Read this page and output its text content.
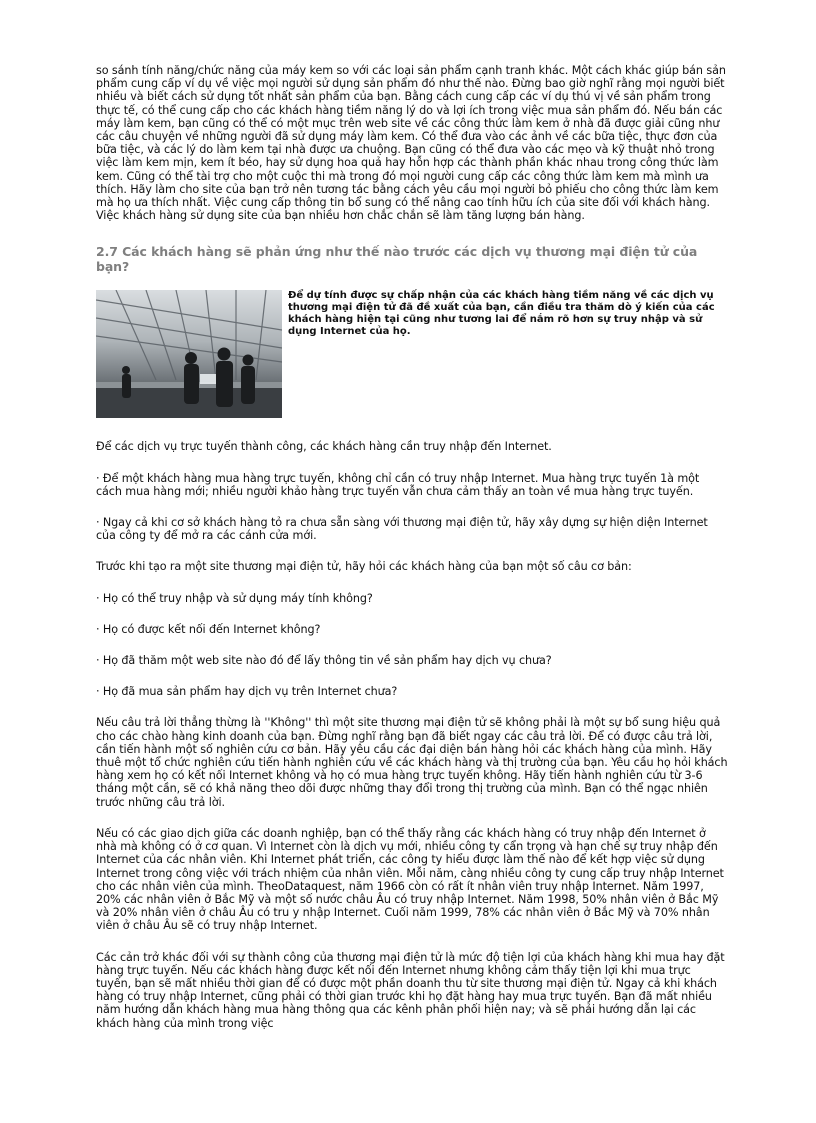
so sánh tính năng/chức năng của máy kem so với các loại sản phẩm cạnh tranh khác. Một cách khác giúp bán sản phẩm cung cấp ví dụ về việc mọi người sử dụng sản phẩm đó như thế nào. Đừng bao giờ nghĩ rằng mọi người biết nhiều và biết cách sử dụng tốt nhất sản phẩm của bạn. Bằng cách cung cấp các ví dụ thú vị về sản phẩm trong thực tế, có thể cung cấp cho các khách hàng tiềm năng lý do và lợi ích trong việc mua sản phẩm đó. Nếu bán các máy làm kem, bạn cũng có thể có một mục trên web site về các công thức làm kem ở nhà đã được giải cũng như các câu chuyện về những người đã sử dụng máy làm kem. Có thể đưa vào các ảnh về các bữa tiệc, thực đơn của bữa tiệc, và các lý do làm kem tại nhà được ưa chuộng. Bạn cũng có thể đưa vào các mẹo và kỹ thuật nhỏ trong việc làm kem mịn, kem ít béo, hay sử dụng hoa quả hay hỗn hợp các thành phần khác nhau trong công thức làm kem. Cũng có thể tài trợ cho một cuộc thi mà trong đó mọi người cung cấp các công thức làm kem mà mình ưa thích. Hãy làm cho site của bạn trở nên tương tác bằng cách yêu cầu mọi người bỏ phiếu cho công thức làm kem mà họ ưa thích nhất. Việc cung cấp thông tin bổ sung có thể nâng cao tính hữu ích của site đối với khách hàng. Việc khách hàng sử dụng site của bạn nhiều hơn chắc chắn sẽ làm tăng lượng bán hàng.

2.7 Các khách hàng sẽ phản ứng như thế nào trước các dịch vụ thương mại điện tử của bạn?

Để dự tính được sự chấp nhận của các khách hàng tiềm năng về các dịch vụ thương mại điện tử đã đề xuất của bạn, cần điều tra thăm dò ý kiến của các khách hàng hiện tại cũng như tương lai để nắm rõ hơn sự truy nhập và sử dụng Internet của họ.

Để các dịch vụ trực tuyến thành công, các khách hàng cần truy nhập đến Internet.

· Để một khách hàng mua hàng trực tuyến, không chỉ cần có truy nhập Internet. Mua hàng trực tuyến 1à một cách mua hàng mới; nhiều người khảo hàng trực tuyến vẫn chưa cảm thấy an toàn về mua hàng trực tuyến.

· Ngay cả khi cơ sở khách hàng tỏ ra chưa sẵn sàng với thương mại điện tử, hãy xây dựng sự hiện diện Internet của công ty để mở ra các cánh cửa mới.

Trước khi tạo ra một site thương mại điện tử, hãy hỏi các khách hàng của bạn một số câu cơ bản:

· Họ có thể truy nhập và sử dụng máy tính không?

· Họ có được kết nối đến Internet không?

· Họ đã thăm một web site nào đó để lấy thông tin về sản phẩm hay dịch vụ chưa?

· Họ đã mua sản phẩm hay dịch vụ trên Internet chưa?

Nếu câu trả lời thẳng thừng là ''Không'' thì một site thương mại điện tử sẽ không phải là một sự bổ sung hiệu quả cho các chào hàng kinh doanh của bạn. Đừng nghĩ rằng bạn đã biết ngay các câu trả lời. Để có được câu trả lời, cần tiến hành một số nghiên cứu cơ bản. Hãy yêu cầu các đại diện bán hàng hỏi các khách hàng của mình. Hãy thuê một tổ chức nghiên cứu tiến hành nghiên cứu về các khách hàng và thị trường của bạn. Yêu cầu họ hỏi khách hàng xem họ có kết nối Internet không và họ có mua hàng trực tuyến không. Hãy tiến hành nghiên cứu từ 3-6 tháng một cần, sẽ có khả năng theo dõi được những thay đổi trong thị trường của mình. Bạn có thể ngạc nhiên trước những câu trả lời.

Nếu có các giao dịch giữa các doanh nghiệp, bạn có thể thấy rằng các khách hàng có truy nhập đến Internet ở nhà mà không có ở cơ quan. Vì Internet còn là dịch vụ mới, nhiều công ty cẩn trọng và hạn chế sự truy nhập đến Internet của các nhân viên. Khi Internet phát triển, các công ty hiểu được làm thế nào để kết hợp việc sử dụng Internet trong công việc với trách nhiệm của nhân viên. Mỗi năm, càng nhiều công ty cung cấp truy nhập Internet cho các nhân viên của mình. TheoDataquest, năm 1966 còn có rất ít nhân viên truy nhập Internet. Năm 1997, 20% các nhân viên ở Bắc Mỹ và một số nước châu Âu có truy nhập Internet. Năm 1998, 50% nhân viên ở Bắc Mỹ và 20% nhân viên ở châu Âu có tru y nhập Internet. Cuối năm 1999, 78% các nhân viên ở Bắc Mỹ và 70% nhân viên ở châu Âu sẽ có truy nhập Internet.

Các cản trở khác đối với sự thành công của thương mại điện tử là mức độ tiện lợi của khách hàng khi mua hay đặt hàng trực tuyến. Nếu các khách hàng được kết nối đến Internet nhưng không cảm thấy tiện lợi khi mua trực tuyến, bạn sẽ mất nhiều thời gian để có được một phần doanh thu từ site thương mại điện tử. Ngay cả khi khách hàng có truy nhập Internet, cũng phải có thời gian trước khi họ đặt hàng hay mua trực tuyến. Bạn đã mất nhiều năm hướng dẫn khách hàng mua hàng thông qua các kênh phân phối hiện nay; và sẽ phải hướng dẫn lại các khách hàng của mình trong việc
